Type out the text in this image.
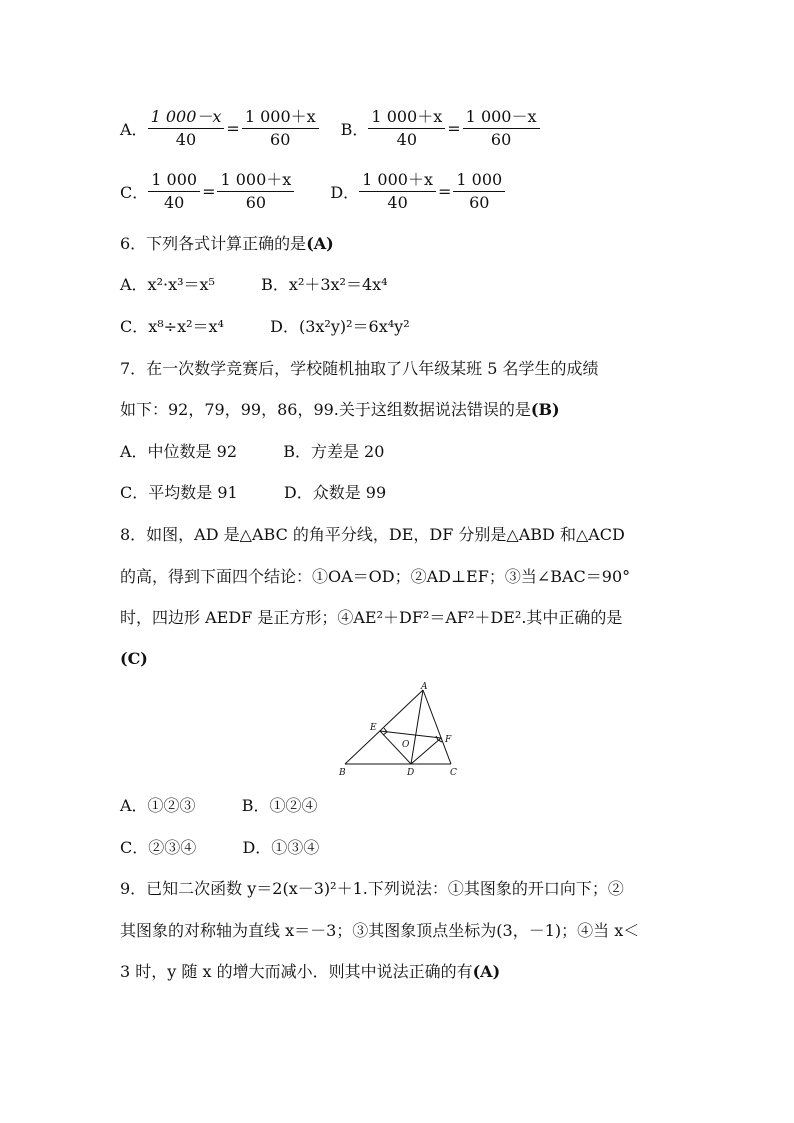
A． $\frac{1 000-x}{40} = \frac{1 000+x}{60}$ B． $\frac{1 000+x}{40} = \frac{1 000-x}{60}$
C． $\frac{1 000}{40} = \frac{1 000+x}{60}$ D． $\frac{1 000+x}{40} = \frac{1 000}{60}$
6．下列各式计算正确的是(A)
A．x²·x³＝x⁵	B．x²＋3x²＝4x⁴
C．x⁸÷x²＝x⁴	D．(3x²y)²＝6x⁴y²
7．在一次数学竞赛后，学校随机抽取了八年级某班 5 名学生的成绩
如下：92，79，99，86，99.关于这组数据说法错误的是(B)
A．中位数是 92	B．方差是 20
C．平均数是 91	D．众数是 99
8．如图，AD 是△ABC 的角平分线，DE，DF 分别是△ABD 和△ACD
的高，得到下面四个结论：①OA＝OD；②AD⊥EF；③当∠BAC＝90°
时，四边形 AEDF 是正方形；④AE²＋DF²＝AF²＋DE².其中正确的是
(C)
A
B	C
D
E
F
O
A．①②③	B．①②④
C．②③④	D．①③④
9．已知二次函数 y＝2(x－3)²＋1.下列说法：①其图象的开口向下；②
其图象的对称轴为直线 x＝－3；③其图象顶点坐标为(3，－1)；④当 x＜
3 时，y 随 x 的增大而减小．则其中说法正确的有(A)
